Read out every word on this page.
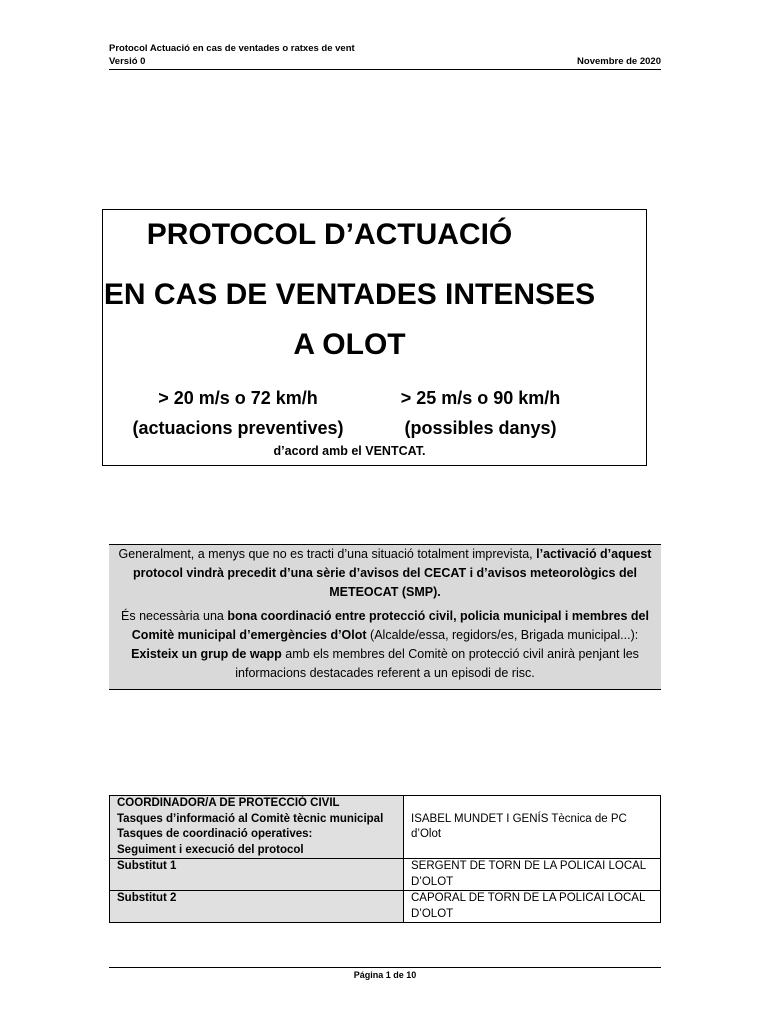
Protocol Actuació en cas de ventades o ratxes de vent
Versió 0	Novembre de 2020
PROTOCOL D’ACTUACIÓ
EN CAS DE VENTADES INTENSES
A OLOT
> 20 m/s o 72 km/h
(actuacions preventives)
> 25 m/s o 90 km/h
(possibles danys)
d’acord amb el VENTCAT.

Generalment, a menys que no es tracti d’una situació totalment imprevista, l’activació d’aquest protocol vindrà precedit d’una sèrie d’avisos del CECAT i d’avisos meteorològics del METEOCAT (SMP).

És necessària una bona coordinació entre protecció civil, policia municipal i membres del Comitè municipal d’emergències d’Olot (Alcalde/essa, regidors/es, Brigada municipal...): Existeix un grup de wapp amb els membres del Comitè on protecció civil anirà penjant les informacions destacades referent a un episodi de risc.

COORDINADOR/A DE PROTECCIÓ CIVIL
Tasques d’informació al Comitè tècnic municipal
Tasques de coordinació operatives:
Seguiment i execució del protocol	ISABEL MUNDET I GENÍS Tècnica de PC d’Olot
Substitut 1	SERGENT DE TORN DE LA POLICAI LOCAL D’OLOT
Substitut 2	CAPORAL DE TORN DE LA POLICAI LOCAL D’OLOT
Página 1 de 10
